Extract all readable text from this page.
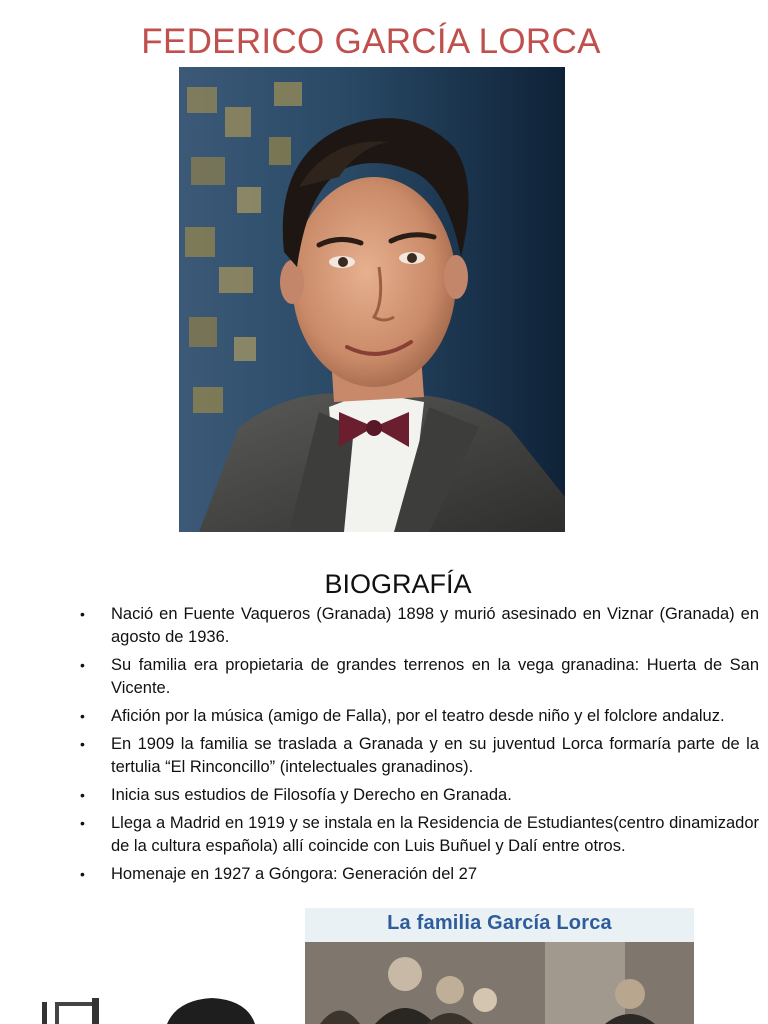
FEDERICO GARCÍA LORCA
BIOGRAFÍA
• Nació en Fuente Vaqueros (Granada) 1898 y murió asesinado en Viznar (Granada) en agosto de 1936.
• Su familia era propietaria de grandes terrenos en la vega granadina: Huerta de San Vicente.
• Afición por la música (amigo de Falla), por el teatro desde niño y el folclore andaluz.
• En 1909 la familia se traslada a Granada y en su juventud Lorca formaría parte de la tertulia “El Rinconcillo” (intelectuales granadinos).
• Inicia sus estudios de Filosofía y Derecho en Granada.
• Llega a Madrid en 1919 y se instala en la Residencia de Estudiantes(centro dinamizador de la cultura española) allí coincide con Luis Buñuel y Dalí entre otros.
• Homenaje en 1927 a Góngora: Generación del 27
La familia García Lorca
